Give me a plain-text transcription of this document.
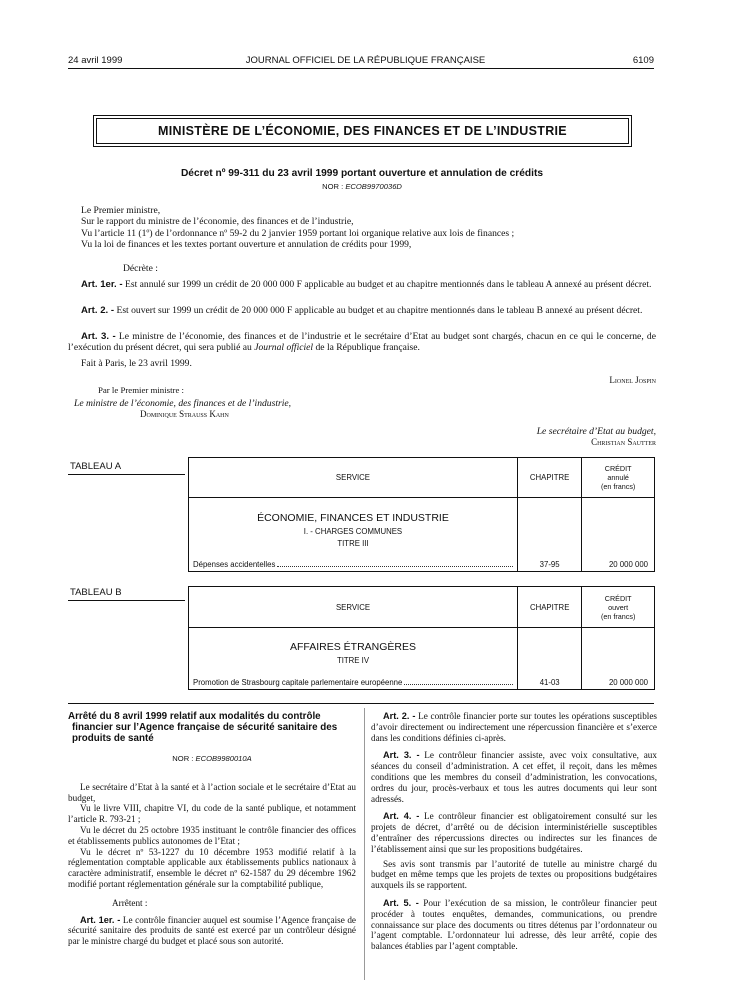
24 avril 1999	JOURNAL OFFICIEL DE LA RÉPUBLIQUE FRANÇAISE	6109
MINISTÈRE DE L’ÉCONOMIE, DES FINANCES ET DE L’INDUSTRIE
Décret nº 99-311 du 23 avril 1999 portant ouverture et annulation de crédits
NOR : ECOB9970036D
Le Premier ministre,
Sur le rapport du ministre de l’économie, des finances et de l’industrie,
Vu l’article 11 (1º) de l’ordonnance nº 59-2 du 2 janvier 1959 portant loi organique relative aux lois de finances ;
Vu la loi de finances et les textes portant ouverture et annulation de crédits pour 1999,
Décrète :
Art. 1er. - Est annulé sur 1999 un crédit de 20 000 000 F applicable au budget et au chapitre mentionnés dans le tableau A annexé au présent décret.
Art. 2. - Est ouvert sur 1999 un crédit de 20 000 000 F applicable au budget et au chapitre mentionnés dans le tableau B annexé au présent décret.
Art. 3. - Le ministre de l’économie, des finances et de l’industrie et le secrétaire d’Etat au budget sont chargés, chacun en ce qui le concerne, de l’exécution du présent décret, qui sera publié au Journal officiel de la République française.
Fait à Paris, le 23 avril 1999.
Lionel Jospin
Par le Premier ministre :
Le ministre de l’économie, des finances et de l’industrie,
Dominique Strauss Kahn
Le secrétaire d’Etat au budget,
Christian Sautter
TABLEAU A
SERVICE	CHAPITRE	CRÉDIT
annulé
(en francs)

ÉCONOMIE, FINANCES ET INDUSTRIE
I. - CHARGES COMMUNES
TITRE III
Dépenses accidentelles	37-95	20 000 000
TABLEAU B
SERVICE	CHAPITRE	CRÉDIT
ouvert
(en francs)

AFFAIRES ÉTRANGÈRES
TITRE IV
Promotion de Strasbourg capitale parlementaire européenne	41-03	20 000 000

Arrêté du 8 avril 1999 relatif aux modalités du contrôle financier sur l’Agence française de sécurité sanitaire des produits de santé

NOR : ECOB9980010A

Le secrétaire d’Etat à la santé et à l’action sociale et le secrétaire d’Etat au budget,

Vu le livre VIII, chapitre VI, du code de la santé publique, et notamment l’article R. 793-21 ;

Vu le décret du 25 octobre 1935 instituant le contrôle financier des offices et établissements publics autonomes de l’Etat ;

Vu le décret nº 53-1227 du 10 décembre 1953 modifié relatif à la réglementation comptable applicable aux établissements publics nationaux à caractère administratif, ensemble le décret nº 62-1587 du 29 décembre 1962 modifié portant réglementation générale sur la comptabilité publique,

Arrêtent :

Art. 1er. - Le contrôle financier auquel est soumise l’Agence française de sécurité sanitaire des produits de santé est exercé par un contrôleur désigné par le ministre chargé du budget et placé sous son autorité.

Art. 2. - Le contrôle financier porte sur toutes les opérations susceptibles d’avoir directement ou indirectement une répercussion financière et s’exerce dans les conditions définies ci-après.

Art. 3. - Le contrôleur financier assiste, avec voix consultative, aux séances du conseil d’administration. A cet effet, il reçoit, dans les mêmes conditions que les membres du conseil d’administration, les convocations, ordres du jour, procès-verbaux et tous les autres documents qui leur sont adressés.

Art. 4. - Le contrôleur financier est obligatoirement consulté sur les projets de décret, d’arrêté ou de décision interministérielle susceptibles d’entraîner des répercussions directes ou indirectes sur les finances de l’établissement ainsi que sur les propositions budgétaires.

Ses avis sont transmis par l’autorité de tutelle au ministre chargé du budget en même temps que les projets de textes ou propositions budgétaires auxquels ils se rapportent.

Art. 5. - Pour l’exécution de sa mission, le contrôleur financier peut procéder à toutes enquêtes, demandes, communications, ou prendre connaissance sur place des documents ou titres détenus par l’ordonnateur ou l’agent comptable. L’ordonnateur lui adresse, dès leur arrêté, copie des balances établies par l’agent comptable.
